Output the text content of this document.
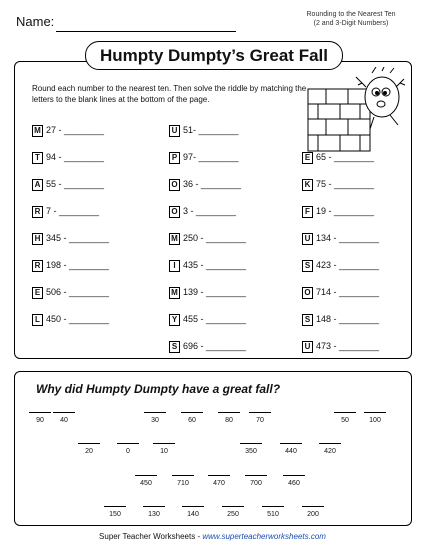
Name:	Rounding to the Nearest Ten
(2 and 3-Digit Numbers)
Humpty Dumpty’s Great Fall
Round each number to the nearest ten. Then solve the riddle by matching the letters to the blank lines at the bottom of the page.
M 27 - ________
T 94 - ________
A 55 - ________
R 7 - ________
H 345 - ________
R 198 - ________
E 506 - ________
L 450 - ________
U 51- ________
P 97- ________
O 36 - ________
O 3 - ________
M 250 - ________
I 435 - ________
M 139 - ________
Y 455 - ________
S 696 - ________
E 65 - ________
K 75 - ________
F 19 - ________
U 134 - ________
S 423 - ________
O 714 - ________
S 148 - ________
U 473 - ________
Why did Humpty Dumpty have a great fall?
90	40	30	60	80	70	50	100
20	0	10	350	440	420
450	710	470	700	460
150	130	140	250	510	200
Super Teacher Worksheets - www.superteacherworksheets.com
